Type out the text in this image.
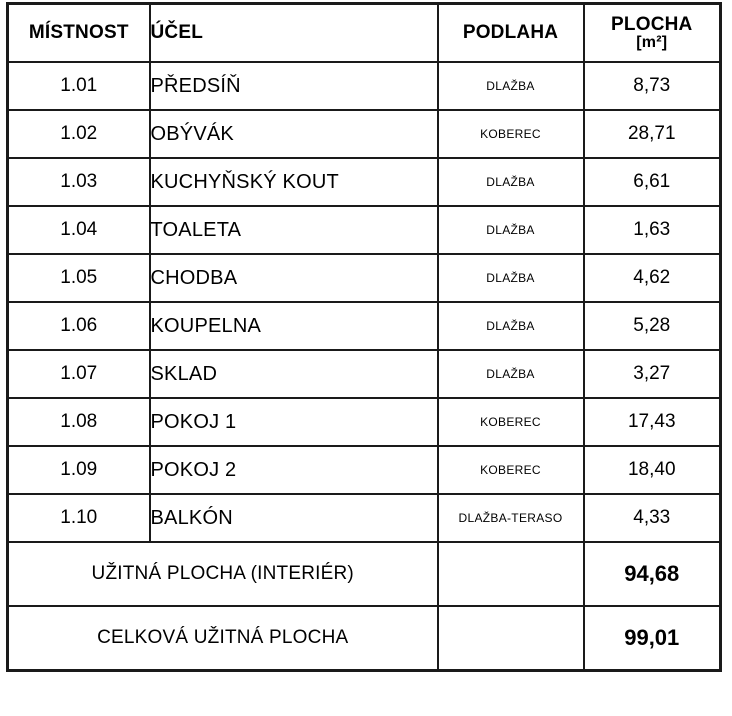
MÍSTNOST	ÚČEL	PODLAHA	PLOCHA
[m²]

1.01	PŘEDSÍŇ	DLAŽBA	8,73
1.02	OBÝVÁK	KOBEREC	28,71
1.03	KUCHYŇSKÝ KOUT	DLAŽBA	6,61
1.04	TOALETA	DLAŽBA	1,63
1.05	CHODBA	DLAŽBA	4,62
1.06	KOUPELNA	DLAŽBA	5,28
1.07	SKLAD	DLAŽBA	3,27
1.08	POKOJ 1	KOBEREC	17,43
1.09	POKOJ 2	KOBEREC	18,40
1.10	BALKÓN	DLAŽBA-TERASO	4,33
UŽITNÁ PLOCHA (INTERIÉR)			94,68
CELKOVÁ UŽITNÁ PLOCHA			99,01
